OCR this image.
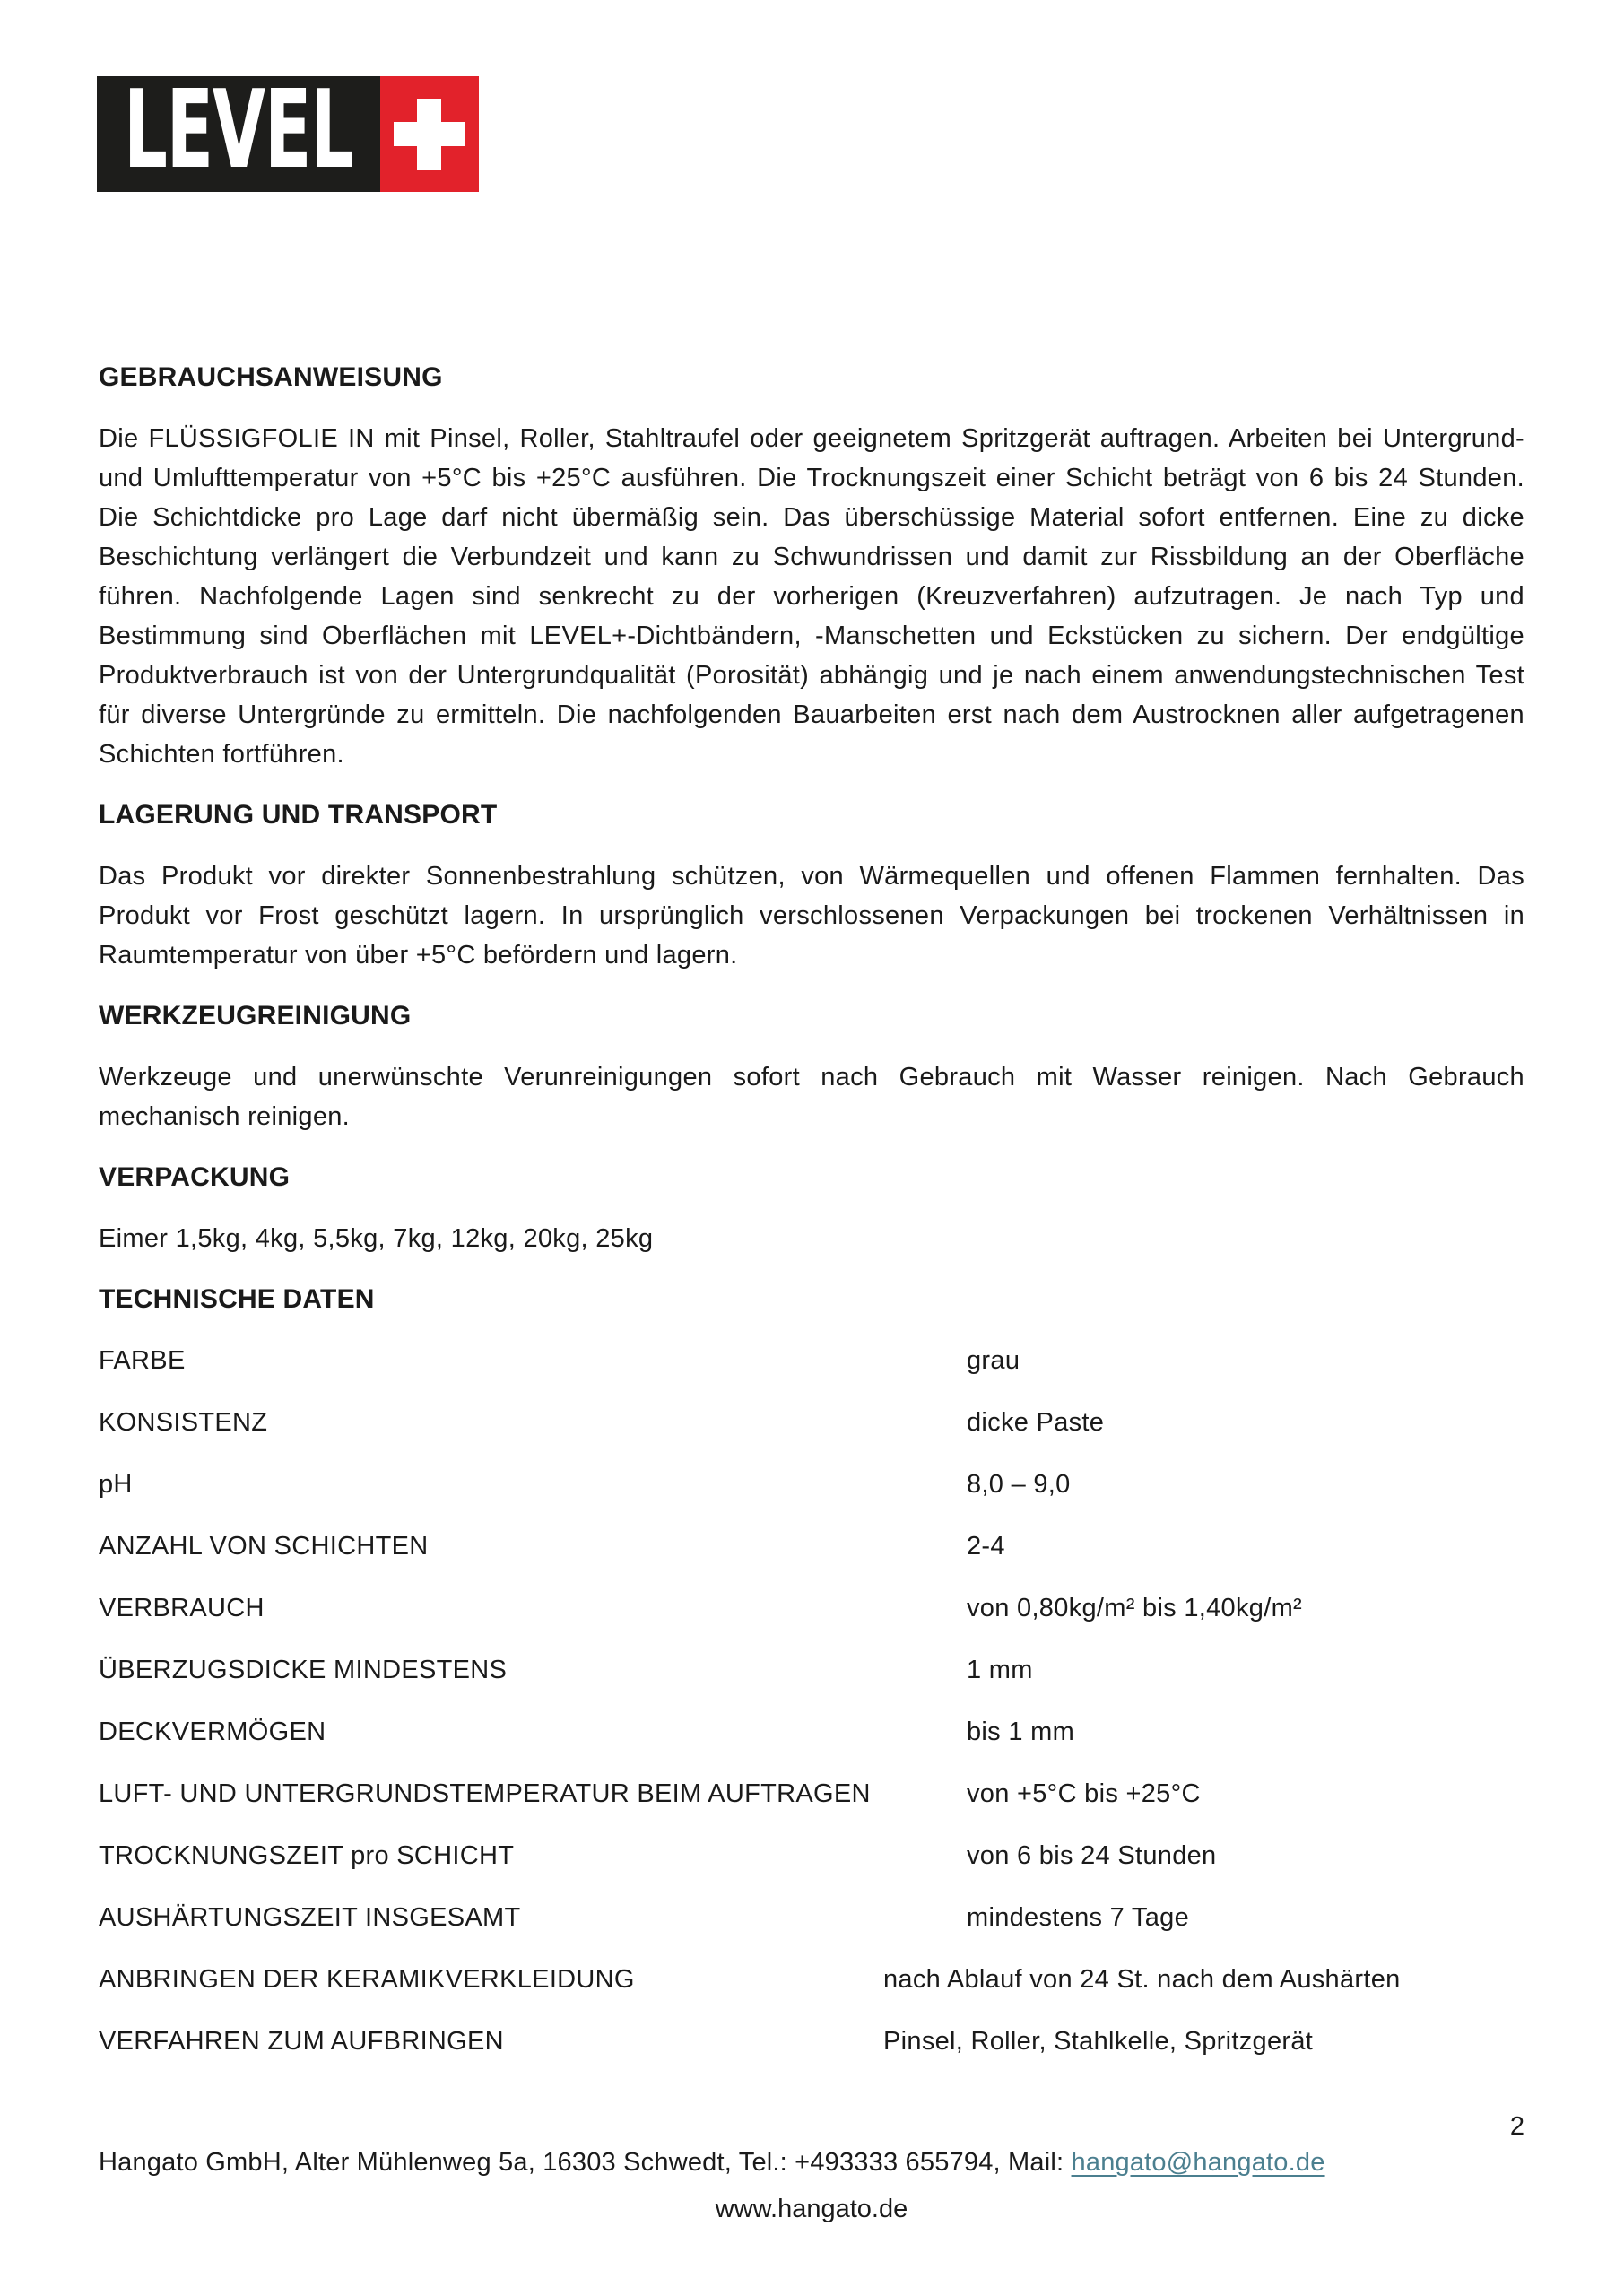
LEVEL
GEBRAUCHSANWEISUNG

Die FLÜSSIGFOLIE IN mit Pinsel, Roller, Stahltraufel oder geeignetem Spritzgerät auftragen. Arbeiten bei Untergrund- und Umlufttemperatur von +5°C bis +25°C ausführen. Die Trocknungszeit einer Schicht beträgt von 6 bis 24 Stunden. Die Schichtdicke pro Lage darf nicht übermäßig sein. Das überschüssige Material sofort entfernen. Eine zu dicke Beschichtung verlängert die Verbundzeit und kann zu Schwundrissen und damit zur Rissbildung an der Oberfläche führen. Nachfolgende Lagen sind senkrecht zu der vorherigen (Kreuzverfahren) aufzutragen. Je nach Typ und Bestimmung sind Oberflächen mit LEVEL+-Dichtbändern, -Manschetten und Eckstücken zu sichern. Der endgültige Produktverbrauch ist von der Untergrundqualität (Porosität) abhängig und je nach einem anwendungstechnischen Test für diverse Untergründe zu ermitteln. Die nachfolgenden Bauarbeiten erst nach dem Austrocknen aller aufgetragenen Schichten fortführen.

LAGERUNG UND TRANSPORT

Das Produkt vor direkter Sonnenbestrahlung schützen, von Wärmequellen und offenen Flammen fernhalten. Das Produkt vor Frost geschützt lagern. In ursprünglich verschlossenen Verpackungen bei trockenen Verhältnissen in Raumtemperatur von über +5°C befördern und lagern.

WERKZEUGREINIGUNG

Werkzeuge und unerwünschte Verunreinigungen sofort nach Gebrauch mit Wasser reinigen. Nach Gebrauch mechanisch reinigen.

VERPACKUNG

Eimer 1,5kg, 4kg, 5,5kg, 7kg, 12kg, 20kg, 25kg

TECHNISCHE DATEN
FARBE	grau
KONSISTENZ	dicke Paste
pH	8,0 – 9,0
ANZAHL VON SCHICHTEN	2-4
VERBRAUCH	von 0,80kg/m² bis 1,40kg/m²
ÜBERZUGSDICKE MINDESTENS	1 mm
DECKVERMÖGEN	bis 1 mm
LUFT- UND UNTERGRUNDSTEMPERATUR BEIM AUFTRAGEN	von +5°C bis +25°C
TROCKNUNGSZEIT pro SCHICHT	von 6 bis 24 Stunden
AUSHÄRTUNGSZEIT INSGESAMT	mindestens 7 Tage
ANBRINGEN DER KERAMIKVERKLEIDUNG	nach Ablauf von 24 St. nach dem Aushärten
VERFAHREN ZUM AUFBRINGEN	Pinsel, Roller, Stahlkelle, Spritzgerät
2
Hangato GmbH, Alter Mühlenweg 5a, 16303 Schwedt, Tel.: +493333 655794, Mail: hangato@hangato.de
www.hangato.de
